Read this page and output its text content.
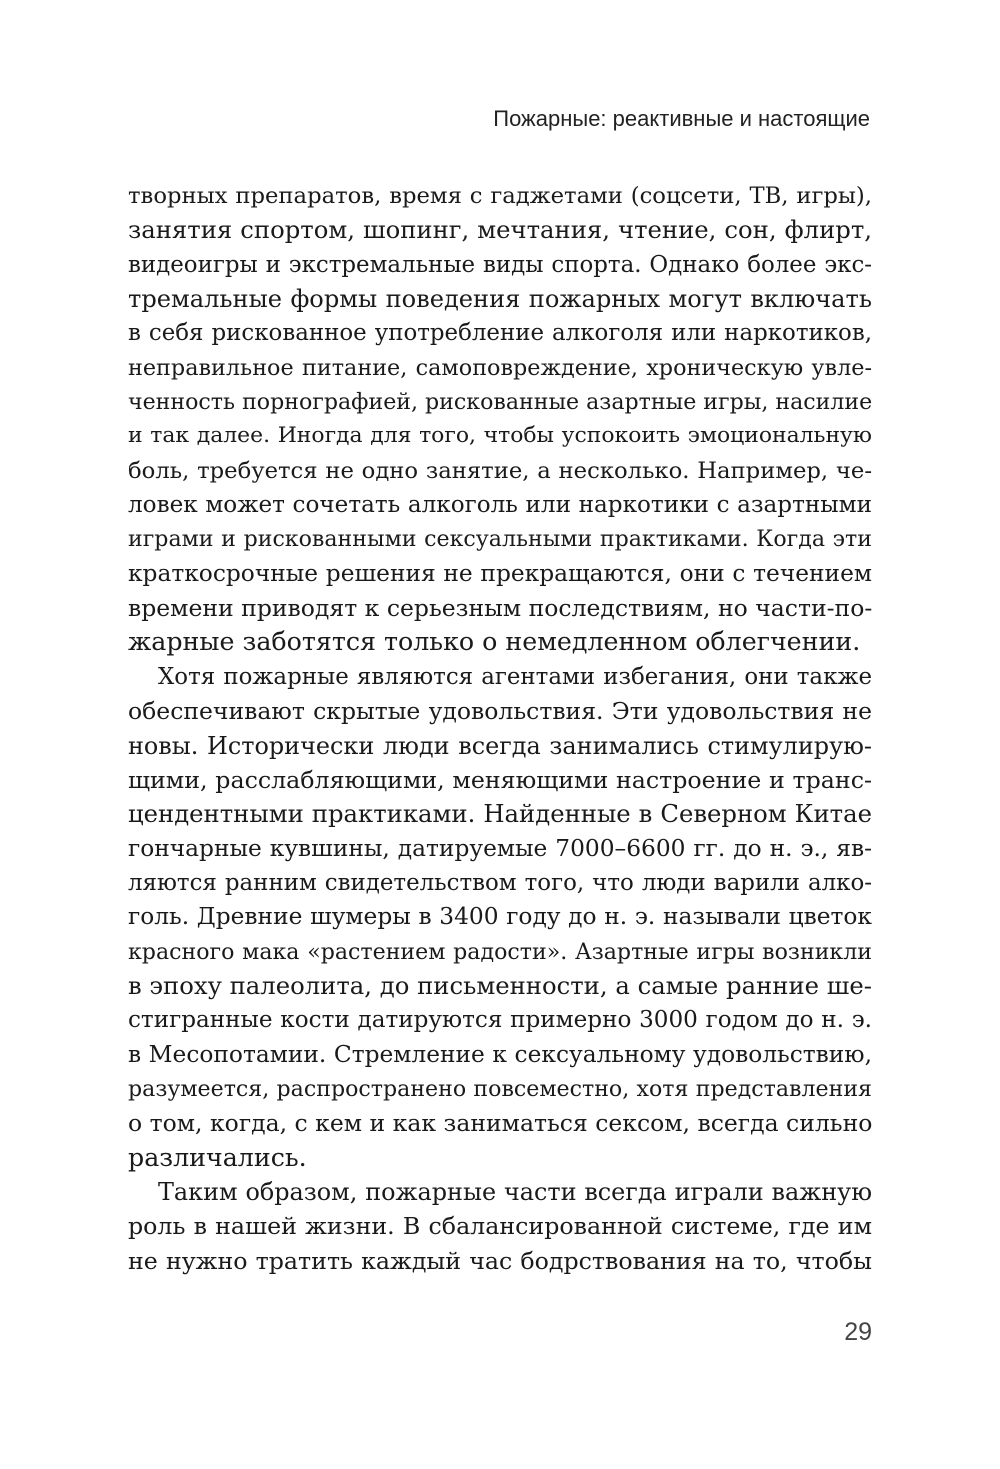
Пожарные: реактивные и настоящие
творных препаратов, время с гаджетами (соцсети, ТВ, игры),
занятия спортом, шопинг, мечтания, чтение, сон, флирт,
видеоигры и экстремальные виды спорта. Однако более экс-
тремальные формы поведения пожарных могут включать
в себя рискованное употребление алкоголя или наркотиков,
неправильное питание, самоповреждение, хроническую увле-
ченность порнографией, рискованные азартные игры, насилие
и так далее. Иногда для того, чтобы успокоить эмоциональную
боль, требуется не одно занятие, а несколько. Например, че-
ловек может сочетать алкоголь или наркотики с азартными
играми и рискованными сексуальными практиками. Когда эти
краткосрочные решения не прекращаются, они с течением
времени приводят к серьезным последствиям, но части-по-
жарные заботятся только о немедленном облегчении.
Хотя пожарные являются агентами избегания, они также
обеспечивают скрытые удовольствия. Эти удовольствия не
новы. Исторически люди всегда занимались стимулирую-
щими, расслабляющими, меняющими настроение и транс-
цендентными практиками. Найденные в Северном Китае
гончарные кувшины, датируемые 7000–6600 гг. до н. э., яв-
ляются ранним свидетельством того, что люди варили алко-
голь. Древние шумеры в 3400 году до н. э. называли цветок
красного мака «растением радости». Азартные игры возникли
в эпоху палеолита, до письменности, а самые ранние ше-
стигранные кости датируются примерно 3000 годом до н. э.
в Месопотамии. Стремление к сексуальному удовольствию,
разумеется, распространено повсеместно, хотя представления
о том, когда, с кем и как заниматься сексом, всегда сильно
различались.
Таким образом, пожарные части всегда играли важную
роль в нашей жизни. В сбалансированной системе, где им
не нужно тратить каждый час бодрствования на то, чтобы
29
